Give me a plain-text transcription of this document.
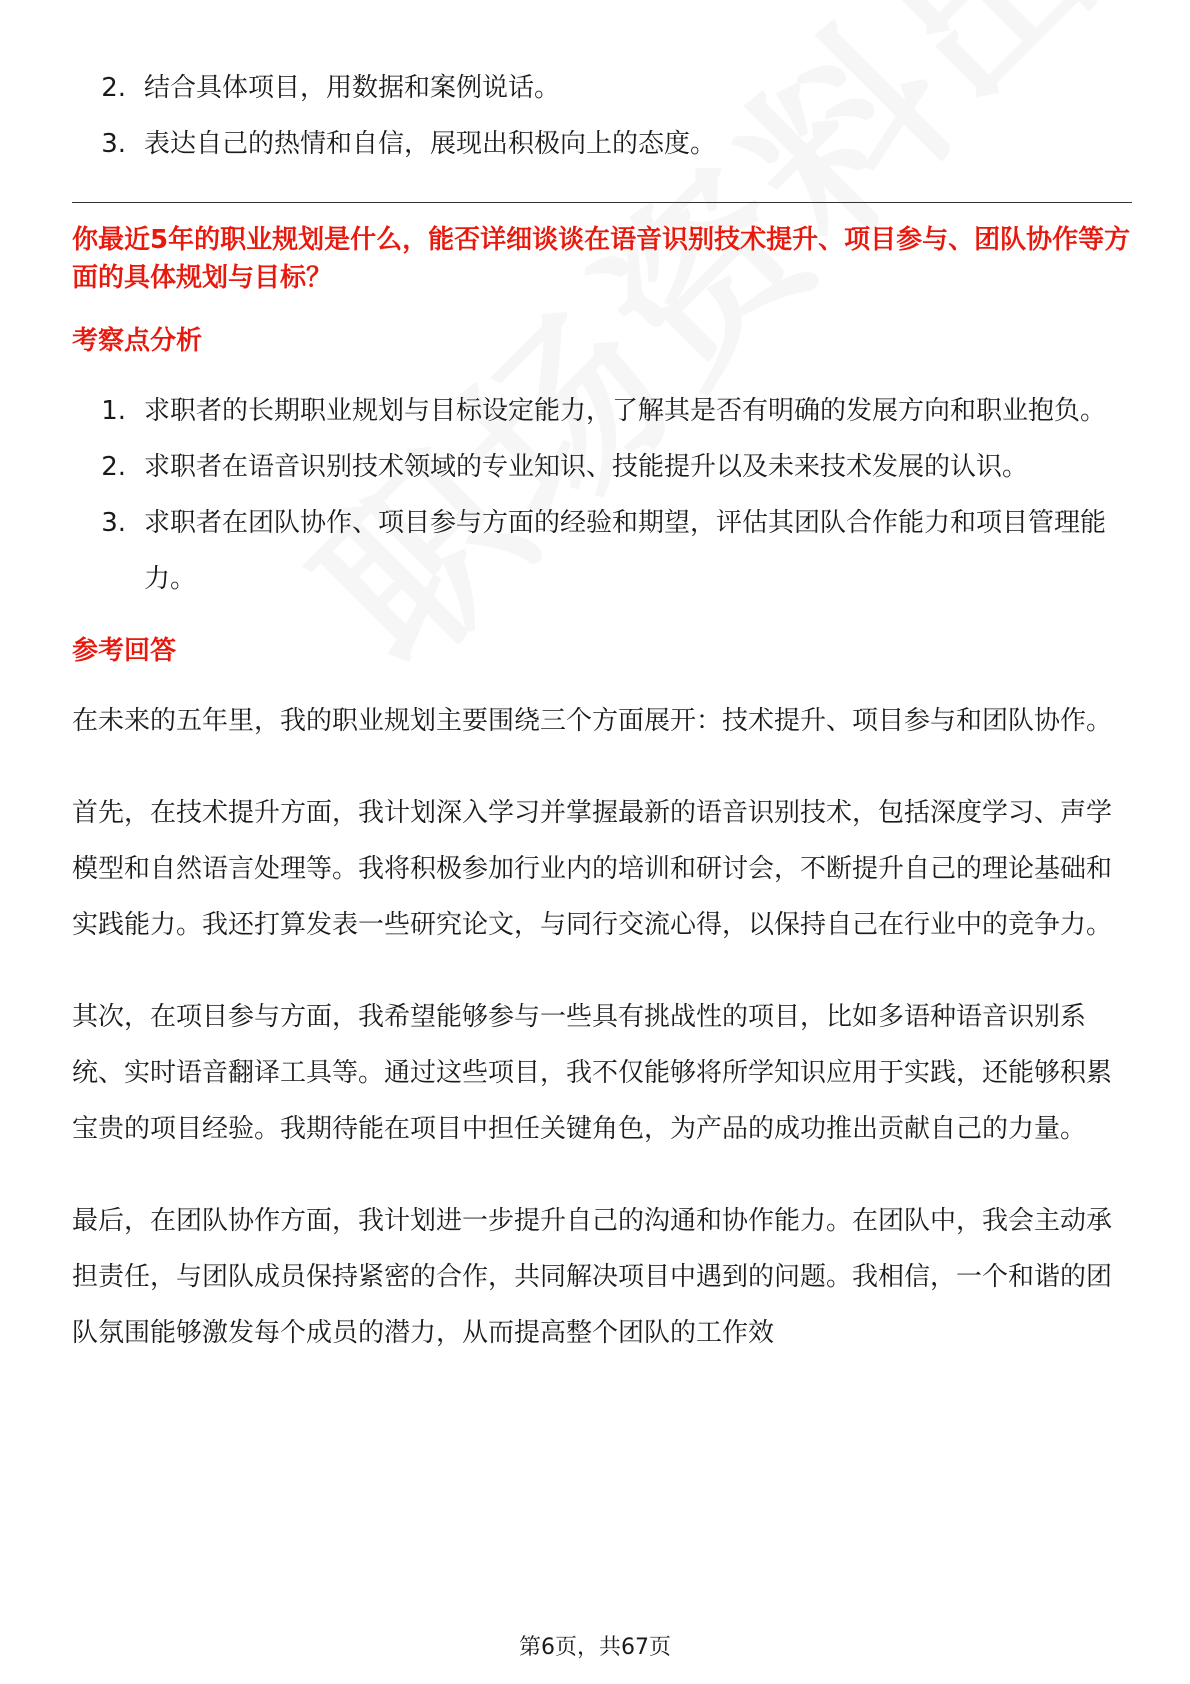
2. 结合具体项目，用数据和案例说话。
3. 表达自己的热情和自信，展现出积极向上的态度。

你最近5年的职业规划是什么，能否详细谈谈在语音识别技术提升、项目参与、团队协作等方面的具体规划与目标？

考察点分析
1. 求职者的长期职业规划与目标设定能力，了解其是否有明确的发展方向和职业抱负。
2. 求职者在语音识别技术领域的专业知识、技能提升以及未来技术发展的认识。
3. 求职者在团队协作、项目参与方面的经验和期望，评估其团队合作能力和项目管理能力。
参考回答

在未来的五年里，我的职业规划主要围绕三个方面展开：技术提升、项目参与和团队协作。

首先，在技术提升方面，我计划深入学习并掌握最新的语音识别技术，包括深度学习、声学模型和自然语言处理等。我将积极参加行业内的培训和研讨会，不断提升自己的理论基础和实践能力。我还打算发表一些研究论文，与同行交流心得，以保持自己在行业中的竞争力。

其次，在项目参与方面，我希望能够参与一些具有挑战性的项目，比如多语种语音识别系统、实时语音翻译工具等。通过这些项目，我不仅能够将所学知识应用于实践，还能够积累宝贵的项目经验。我期待能在项目中担任关键角色，为产品的成功推出贡献自己的力量。

最后，在团队协作方面，我计划进一步提升自己的沟通和协作能力。在团队中，我会主动承担责任，与团队成员保持紧密的合作，共同解决项目中遇到的问题。我相信，一个和谐的团队氛围能够激发每个成员的潜力，从而提高整个团队的工作效

第6页，共67页
